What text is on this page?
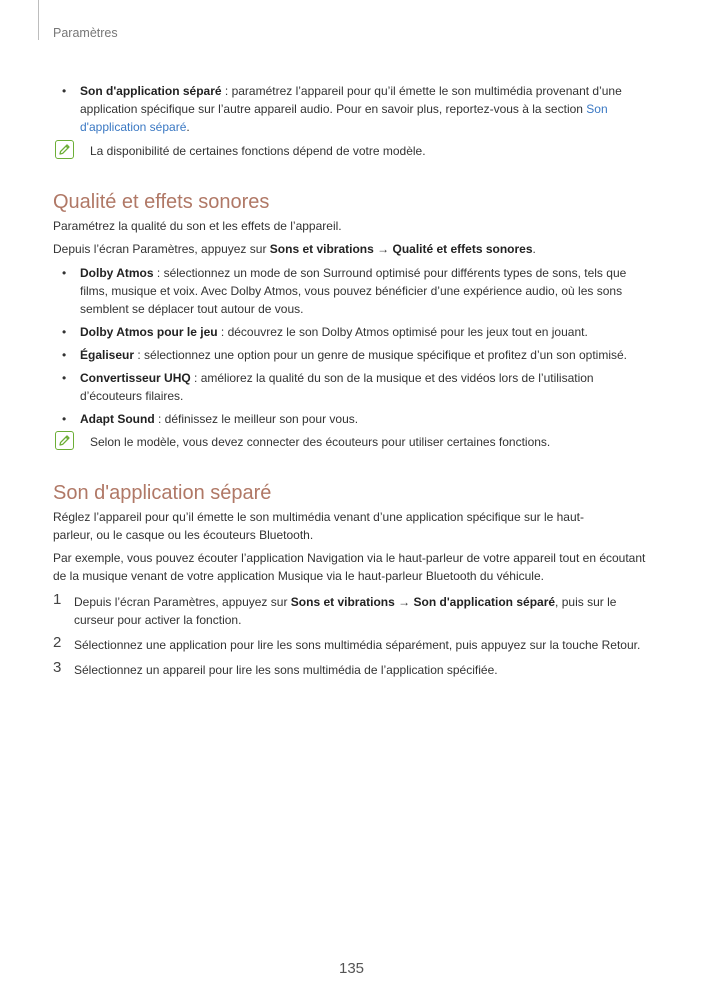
Paramètres
• Son d'application séparé : paramétrez l’appareil pour qu’il émette le son multimédia provenant d’une application spécifique sur l’autre appareil audio. Pour en savoir plus, reportez-vous à la section Son d'application séparé.
La disponibilité de certaines fonctions dépend de votre modèle.
Qualité et effets sonores

Paramétrez la qualité du son et les effets de l’appareil.

Depuis l’écran Paramètres, appuyez sur Sons et vibrations → Qualité et effets sonores.

• Dolby Atmos : sélectionnez un mode de son Surround optimisé pour différents types de sons, tels que films, musique et voix. Avec Dolby Atmos, vous pouvez bénéficier d’une expérience audio, où les sons semblent se déplacer tout autour de vous.
• Dolby Atmos pour le jeu : découvrez le son Dolby Atmos optimisé pour les jeux tout en jouant.
• Égaliseur : sélectionnez une option pour un genre de musique spécifique et profitez d’un son optimisé.
• Convertisseur UHQ : améliorez la qualité du son de la musique et des vidéos lors de l’utilisation d’écouteurs filaires.
• Adapt Sound : définissez le meilleur son pour vous.
Selon le modèle, vous devez connecter des écouteurs pour utiliser certaines fonctions.
Son d'application séparé

Réglez l’appareil pour qu’il émette le son multimédia venant d’une application spécifique sur le haut-parleur, ou le casque ou les écouteurs Bluetooth.

Par exemple, vous pouvez écouter l’application Navigation via le haut-parleur de votre appareil tout en écoutant de la musique venant de votre application Musique via le haut-parleur Bluetooth du véhicule.

1 Depuis l’écran Paramètres, appuyez sur Sons et vibrations → Son d'application séparé, puis sur le curseur pour activer la fonction.
2 Sélectionnez une application pour lire les sons multimédia séparément, puis appuyez sur la touche Retour.
3 Sélectionnez un appareil pour lire les sons multimédia de l’application spécifiée.
135
